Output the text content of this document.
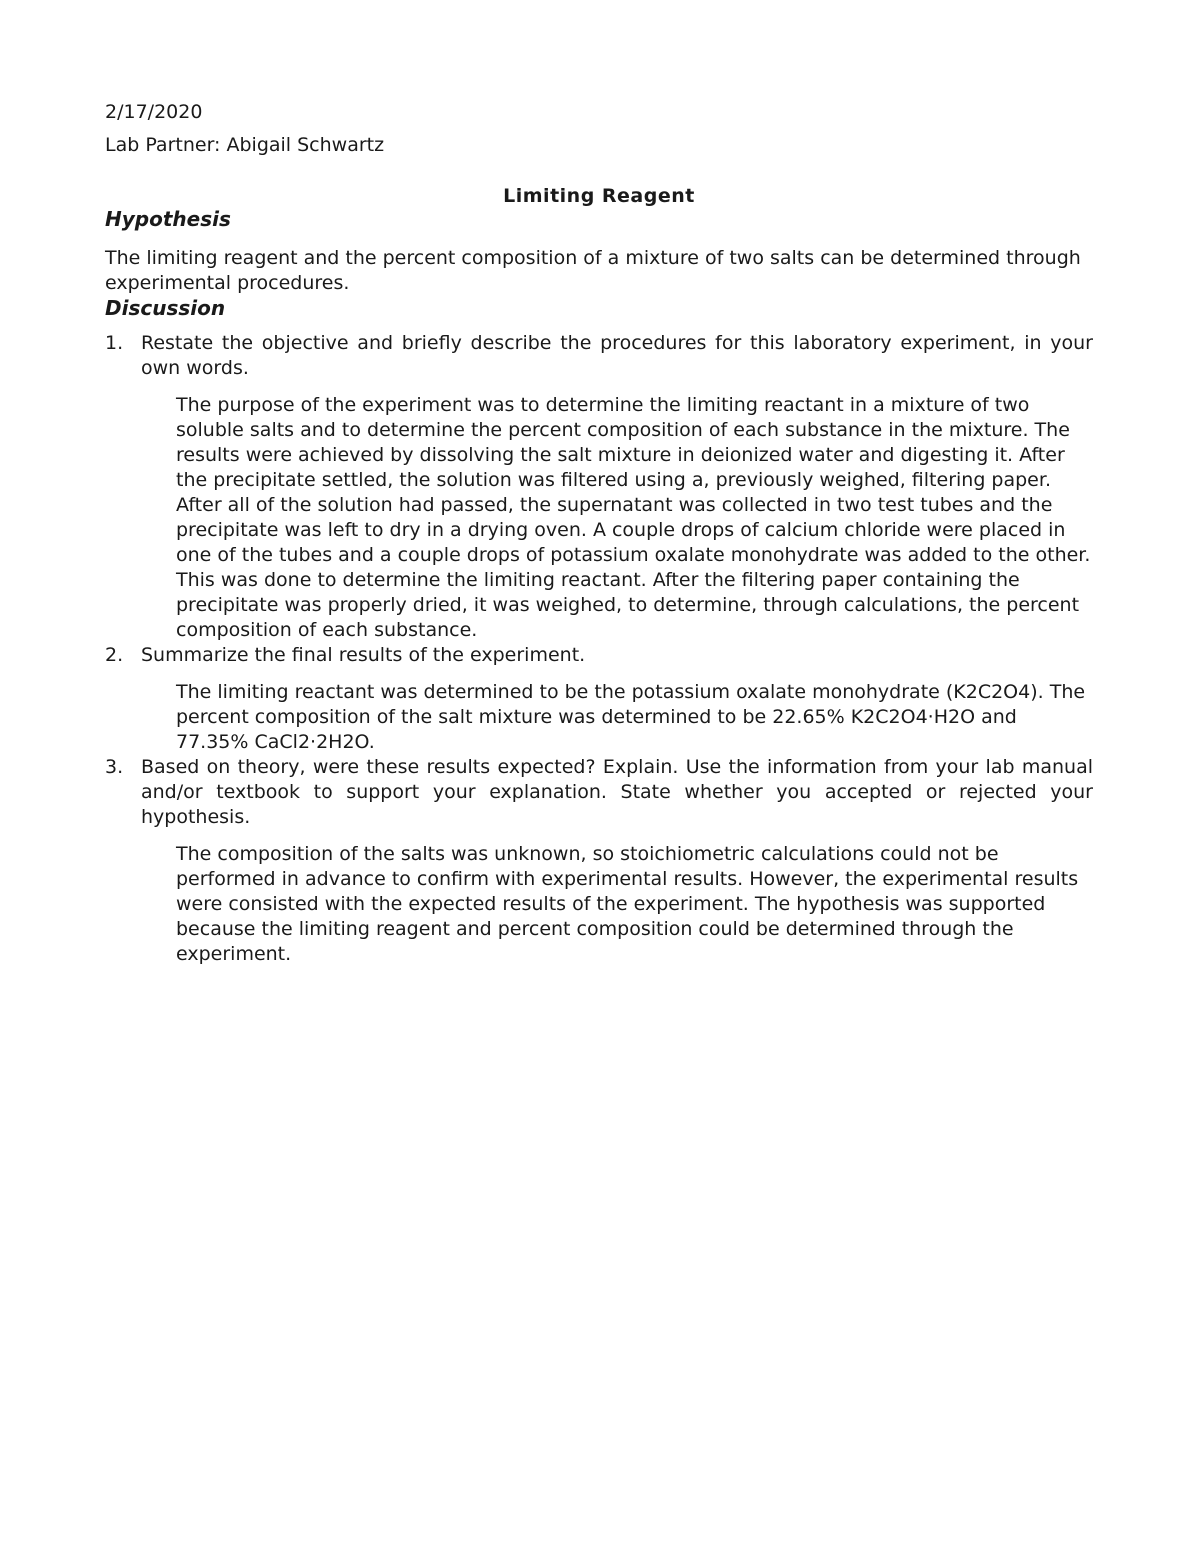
2/17/2020

Lab Partner: Abigail Schwartz

Limiting Reagent

Hypothesis

The limiting reagent and the percent composition of a mixture of two salts can be determined through experimental procedures.

Discussion

1. Restate the objective and briefly describe the procedures for this laboratory experiment, in your own words.

The purpose of the experiment was to determine the limiting reactant in a mixture of two soluble salts and to determine the percent composition of each substance in the mixture. The results were achieved by dissolving the salt mixture in deionized water and digesting it. After the precipitate settled, the solution was filtered using a, previously weighed, filtering paper. After all of the solution had passed, the supernatant was collected in two test tubes and the precipitate was left to dry in a drying oven. A couple drops of calcium chloride were placed in one of the tubes and a couple drops of potassium oxalate monohydrate was added to the other. This was done to determine the limiting reactant. After the filtering paper containing the precipitate was properly dried, it was weighed, to determine, through calculations, the percent composition of each substance.

2. Summarize the final results of the experiment.

The limiting reactant was determined to be the potassium oxalate monohydrate (K2C2O4). The percent composition of the salt mixture was determined to be 22.65% K2C2O4·H2O and 77.35% CaCl2·2H2O.

3. Based on theory, were these results expected? Explain. Use the information from your lab manual and/or textbook to support your explanation. State whether you accepted or rejected your hypothesis.

The composition of the salts was unknown, so stoichiometric calculations could not be performed in advance to confirm with experimental results. However, the experimental results were consisted with the expected results of the experiment. The hypothesis was supported because the limiting reagent and percent composition could be determined through the experiment.
